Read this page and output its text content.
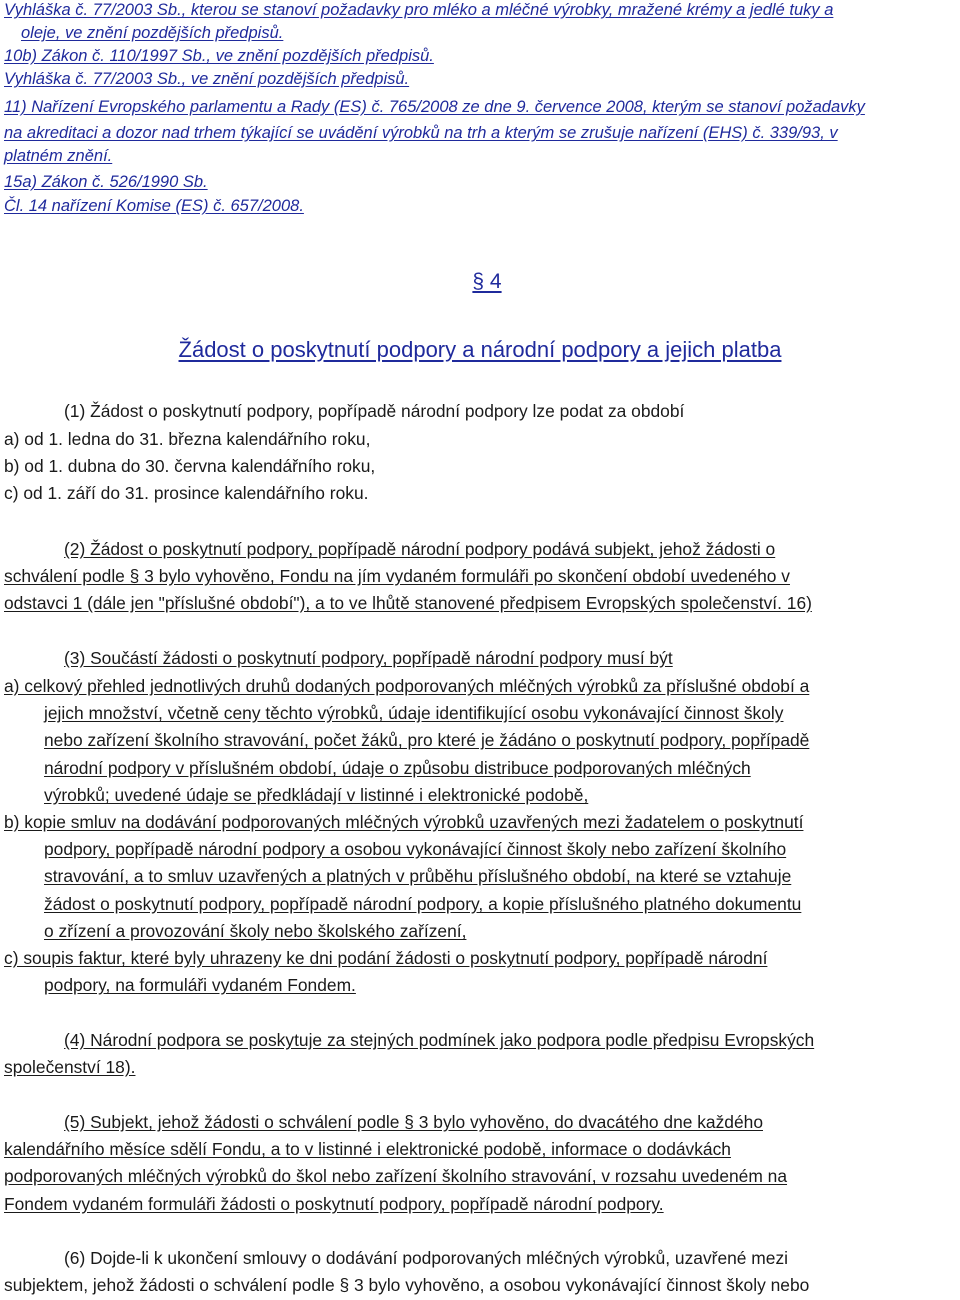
Vyhláška č. 77/2003 Sb., kterou se stanoví požadavky pro mléko a mléčné výrobky, mražené krémy a jedlé tuky a

oleje, ve znění pozdějších předpisů.

10b) Zákon č. 110/1997 Sb., ve znění pozdějších předpisů.

Vyhláška č. 77/2003 Sb., ve znění pozdějších předpisů.

11) Nařízení Evropského parlamentu a Rady (ES) č. 765/2008 ze dne 9. července 2008, kterým se stanoví požadavky

na akreditaci a dozor nad trhem týkající se uvádění výrobků na trh a kterým se zrušuje nařízení (EHS) č. 339/93, v

platném znění.

15a) Zákon č. 526/1990 Sb.

Čl. 14 nařízení Komise (ES) č. 657/2008.

§ 4
Žádost o poskytnutí podpory a národní podpory a jejich platba

(1) Žádost o poskytnutí podpory, popřípadě národní podpory lze podat za období

a) od 1. ledna do 31. března kalendářního roku,

b) od 1. dubna do 30. června kalendářního roku,

c) od 1. září do 31. prosince kalendářního roku.

(2) Žádost o poskytnutí podpory, popřípadě národní podpory podává subjekt, jehož žádosti o

schválení podle § 3 bylo vyhověno, Fondu na jím vydaném formuláři po skončení období uvedeného v

odstavci 1 (dále jen "příslušné období"), a to ve lhůtě stanovené předpisem Evropských společenství. 16)

(3) Součástí žádosti o poskytnutí podpory, popřípadě národní podpory musí být

a) celkový přehled jednotlivých druhů dodaných podporovaných mléčných výrobků za příslušné období a

jejich množství, včetně ceny těchto výrobků, údaje identifikující osobu vykonávající činnost školy

nebo zařízení školního stravování, počet žáků, pro které je žádáno o poskytnutí podpory, popřípadě

národní podpory v příslušném období, údaje o způsobu distribuce podporovaných mléčných

výrobků; uvedené údaje se předkládají v listinné i elektronické podobě,

b) kopie smluv na dodávání podporovaných mléčných výrobků uzavřených mezi žadatelem o poskytnutí

podpory, popřípadě národní podpory a osobou vykonávající činnost školy nebo zařízení školního

stravování, a to smluv uzavřených a platných v průběhu příslušného období, na které se vztahuje

žádost o poskytnutí podpory, popřípadě národní podpory, a kopie příslušného platného dokumentu

o zřízení a provozování školy nebo školského zařízení,

c) soupis faktur, které byly uhrazeny ke dni podání žádosti o poskytnutí podpory, popřípadě národní

podpory, na formuláři vydaném Fondem.

(4) Národní podpora se poskytuje za stejných podmínek jako podpora podle předpisu Evropských

společenství 18).

(5) Subjekt, jehož žádosti o schválení podle § 3 bylo vyhověno, do dvacátého dne každého

kalendářního měsíce sdělí Fondu, a to v listinné i elektronické podobě, informace o dodávkách

podporovaných mléčných výrobků do škol nebo zařízení školního stravování, v rozsahu uvedeném na

Fondem vydaném formuláři žádosti o poskytnutí podpory, popřípadě národní podpory.

(6) Dojde-li k ukončení smlouvy o dodávání podporovaných mléčných výrobků, uzavřené mezi

subjektem, jehož žádosti o schválení podle § 3 bylo vyhověno, a osobou vykonávající činnost školy nebo
